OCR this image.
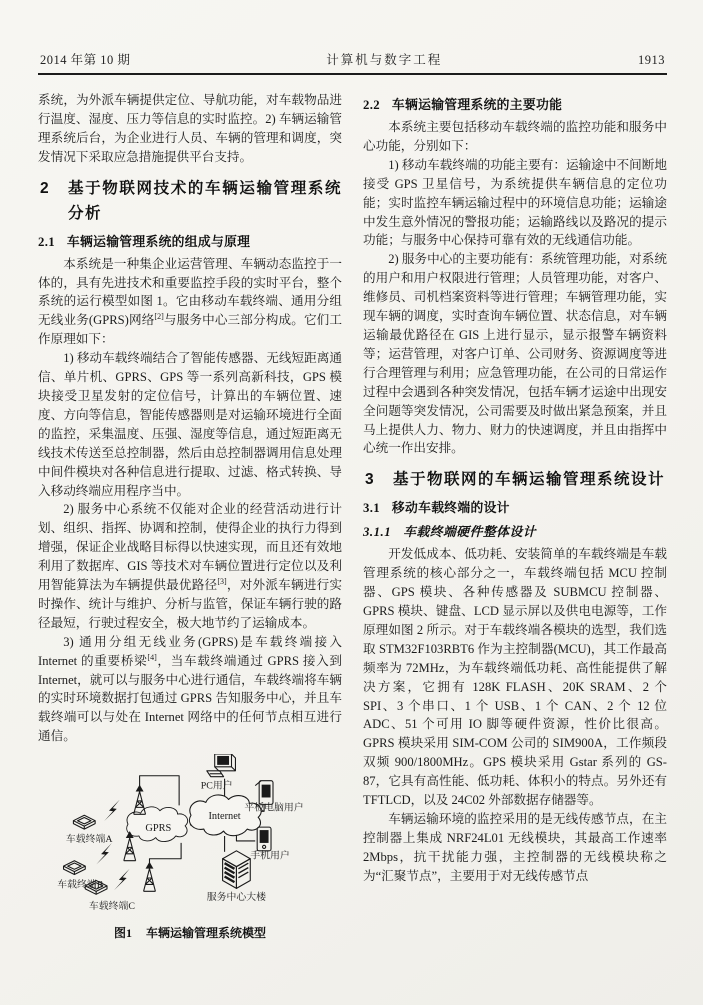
2014 年第 10 期	计算机与数字工程	1913

系统，为外派车辆提供定位、导航功能，对车载物品进行温度、湿度、压力等信息的实时监控。2) 车辆运输管理系统后台，为企业进行人员、车辆的管理和调度，突发情况下采取应急措施提供平台支持。

2 基于物联网技术的车辆运输管理系统分析
2.1 车辆运输管理系统的组成与原理

本系统是一种集企业运营管理、车辆动态监控于一体的，具有先进技术和重要监控手段的实时平台，整个系统的运行模型如图 1。它由移动车载终端、通用分组无线业务(GPRS)网络[2]与服务中心三部分构成。它们工作原理如下：

1) 移动车载终端结合了智能传感器、无线短距离通信、单片机、GPRS、GPS 等一系列高新科技，GPS 模块接受卫星发射的定位信号，计算出的车辆位置、速度、方向等信息，智能传感器则是对运输环境进行全面的监控，采集温度、压强、湿度等信息，通过短距离无线技术传送至总控制器，然后由总控制器调用信息处理中间件模块对各种信息进行提取、过滤、格式转换、导入移动终端应用程序当中。

2) 服务中心系统不仅能对企业的经营活动进行计划、组织、指挥、协调和控制，使得企业的执行力得到增强，保证企业战略目标得以快速实现，而且还有效地利用了数据库、GIS 等技术对车辆位置进行定位以及利用智能算法为车辆提供最优路径[3]，对外派车辆进行实时操作、统计与维护、分析与监管，保证车辆行驶的路径最短，行驶过程安全，极大地节约了运输成本。

3) 通用分组无线业务(GPRS)是车载终端接入 Internet 的重要桥梁[4]，当车载终端通过 GPRS 接入到 Internet，就可以与服务中心进行通信，车载终端将车辆的实时环境数据打包通过 GPRS 告知服务中心，并且车载终端可以与处在 Internet 网络中的任何节点相互进行通信。

GPRS
Internet
车载终端A
车载终端B
车载终端C
PC用户
平板电脑用户
手机用户
服务中心大楼
图1 车辆运输管理系统模型
2.2 车辆运输管理系统的主要功能

本系统主要包括移动车载终端的监控功能和服务中心功能，分别如下：

1) 移动车载终端的功能主要有：运输途中不间断地接受 GPS 卫星信号，为系统提供车辆信息的定位功能；实时监控车辆运输过程中的环境信息功能；运输途中发生意外情况的警报功能；运输路线以及路况的提示功能；与服务中心保持可靠有效的无线通信功能。

2) 服务中心的主要功能有：系统管理功能，对系统的用户和用户权限进行管理；人员管理功能，对客户、维修员、司机档案资料等进行管理；车辆管理功能，实现车辆的调度，实时查询车辆位置、状态信息，对车辆运输最优路径在 GIS 上进行显示，显示报警车辆资料等；运营管理，对客户订单、公司财务、资源调度等进行合理管理与利用；应急管理功能，在公司的日常运作过程中会遇到各种突发情况，包括车辆才运途中出现安全问题等突发情况，公司需要及时做出紧急预案，并且马上提供人力、物力、财力的快速调度，并且由指挥中心统一作出安排。

3 基于物联网的车辆运输管理系统设计
3.1 移动车载终端的设计
3.1.1 车载终端硬件整体设计

开发低成本、低功耗、安装简单的车载终端是车载管理系统的核心部分之一，车载终端包括 MCU 控制器、GPS 模块、各种传感器及 SUBMCU 控制器、GPRS 模块、键盘、LCD 显示屏以及供电电源等，工作原理如图 2 所示。对于车载终端各模块的选型，我们选取 STM32F103RBT6 作为主控制器(MCU)，其工作最高频率为 72MHz，为车载终端低功耗、高性能提供了解决方案，它拥有 128K FLASH、20K SRAM、2 个 SPI、3 个串口、1 个 USB、1 个 CAN、2 个 12 位 ADC、51 个可用 IO 脚等硬件资源，性价比很高。GPRS 模块采用 SIM-COM 公司的 SIM900A，工作频段双频 900/1800MHz。GPS 模块采用 Gstar 系列的 GS-87，它具有高性能、低功耗、体积小的特点。另外还有 TFTLCD，以及 24C02 外部数据存储器等。

车辆运输环境的监控采用的是无线传感节点，在主控制器上集成 NRF24L01 无线模块，其最高工作速率 2Mbps，抗干扰能力强，主控制器的无线模块称之为“汇聚节点”，主要用于对无线传感节点
